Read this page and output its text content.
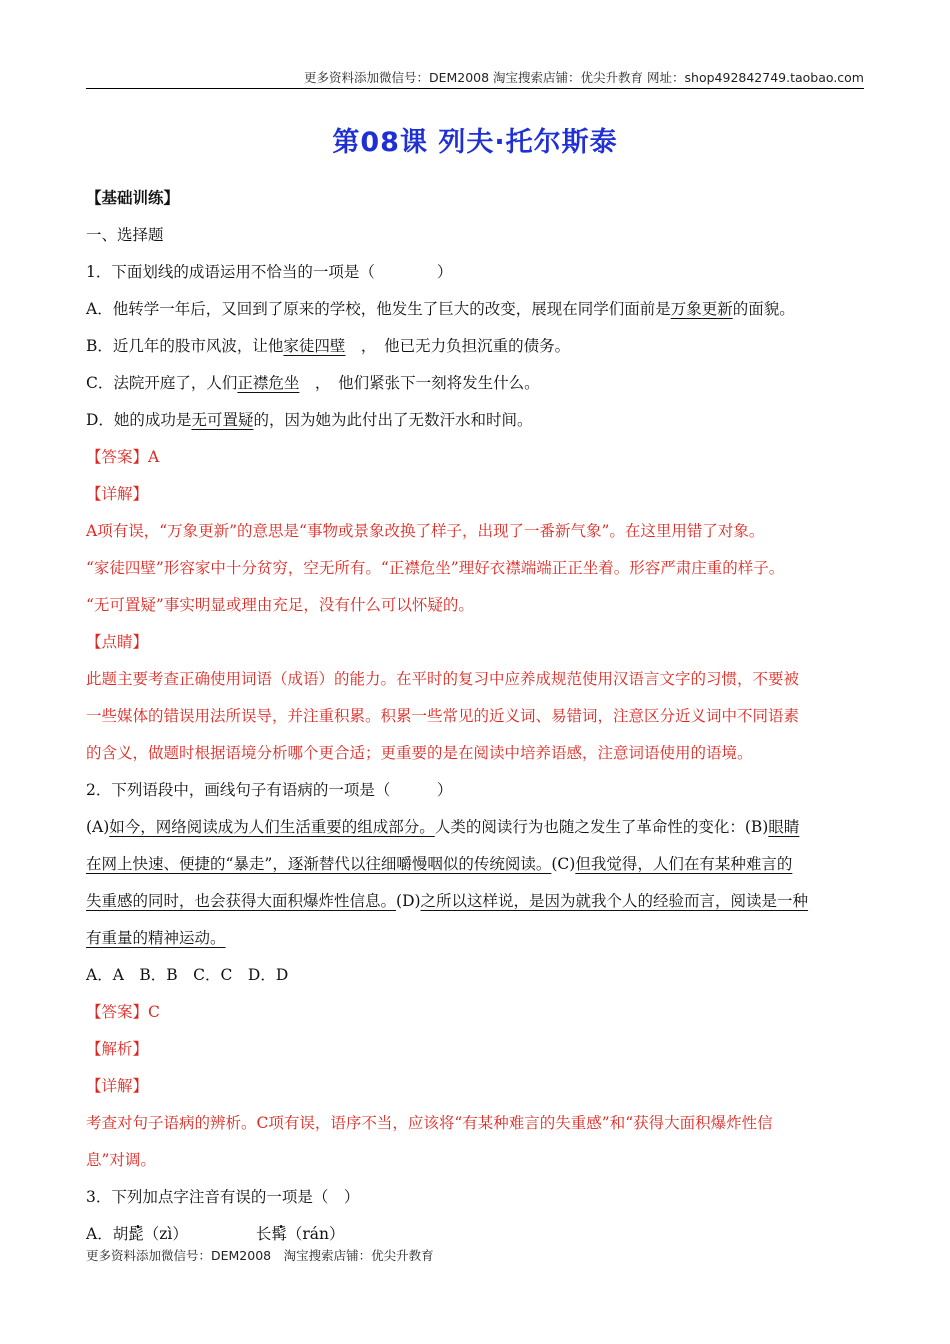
更多资料添加微信号：DEM2008 淘宝搜索店铺：优尖升教育 网址：shop492842749.taobao.com
第08课 列夫·托尔斯泰
【基础训练】
一、选择题
1．下面划线的成语运用不恰当的一项是（　　　　）
A．他转学一年后，又回到了原来的学校，他发生了巨大的改变，展现在同学们面前是万象更新的面貌。
B．近几年的股市风波，让他家徒四壁　，　他已无力负担沉重的债务。
C．法院开庭了，人们正襟危坐　，　他们紧张下一刻将发生什么。
D．她的成功是无可置疑的，因为她为此付出了无数汗水和时间。
【答案】A
【详解】
A项有误，“万象更新”的意思是“事物或景象改换了样子，出现了一番新气象”。在这里用错了对象。
“家徒四壁”形容家中十分贫穷，空无所有。“正襟危坐”理好衣襟端端正正坐着。形容严肃庄重的样子。
“无可置疑”事实明显或理由充足，没有什么可以怀疑的。
【点睛】
此题主要考查正确使用词语（成语）的能力。在平时的复习中应养成规范使用汉语言文字的习惯，不要被
一些媒体的错误用法所误导，并注重积累。积累一些常见的近义词、易错词，注意区分近义词中不同语素
的含义，做题时根据语境分析哪个更合适；更重要的是在阅读中培养语感，注意词语使用的语境。
2．下列语段中，画线句子有语病的一项是（　　　）
(A)如今，网络阅读成为人们生活重要的组成部分。人类的阅读行为也随之发生了革命性的变化：(B)眼睛
在网上快速、便捷的“暴走”，逐渐替代以往细嚼慢咽似的传统阅读。(C)但我觉得，人们在有某种难言的
失重感的同时，也会获得大面积爆炸性信息。(D)之所以这样说，是因为就我个人的经验而言，阅读是一种
有重量的精神运动。
A．A　B．B　C．C　D．D
【答案】C
【解析】
【详解】
考查对句子语病的辨析。C项有误，语序不当，应该将“有某种难言的失重感”和“获得大面积爆炸性信
息”对调。
3．下列加点字注音有误的一项是（　）
A．胡髭（zì）	长髯（rán）
更多资料添加微信号：DEM2008　淘宝搜索店铺：优尖升教育
